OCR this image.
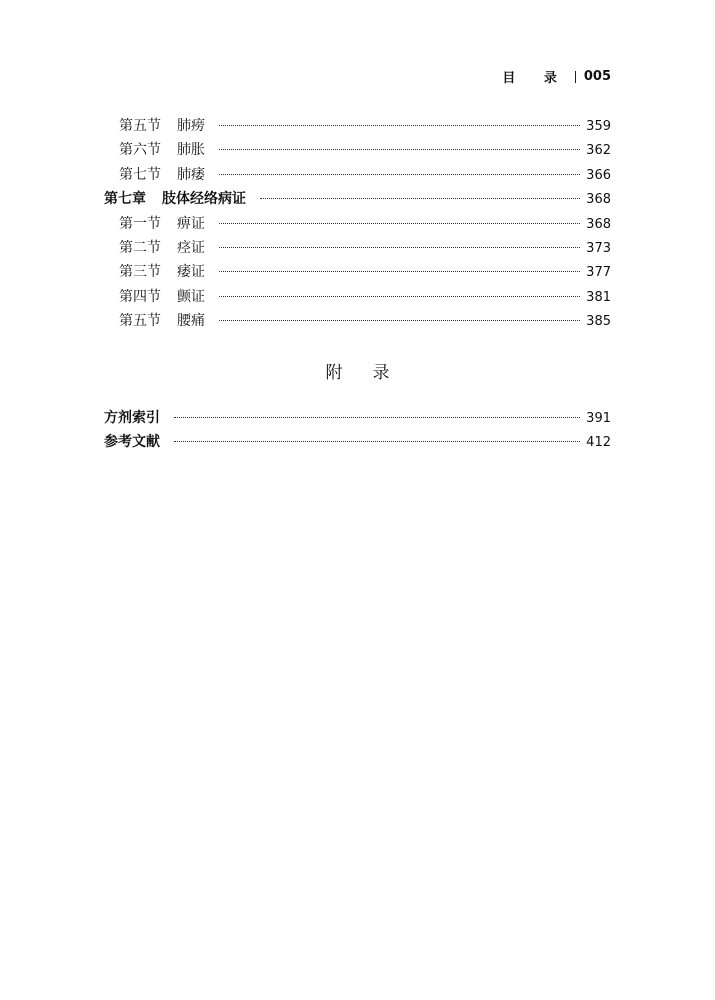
目 录 005
第五节 肺痨	359
第六节 肺胀	362
第七节 肺痿	366
第七章 肢体经络病证	368
第一节 痹证	368
第二节 痉证	373
第三节 痿证	377
第四节 颤证	381
第五节 腰痛	385
附录
方剂索引	391
参考文献	412
